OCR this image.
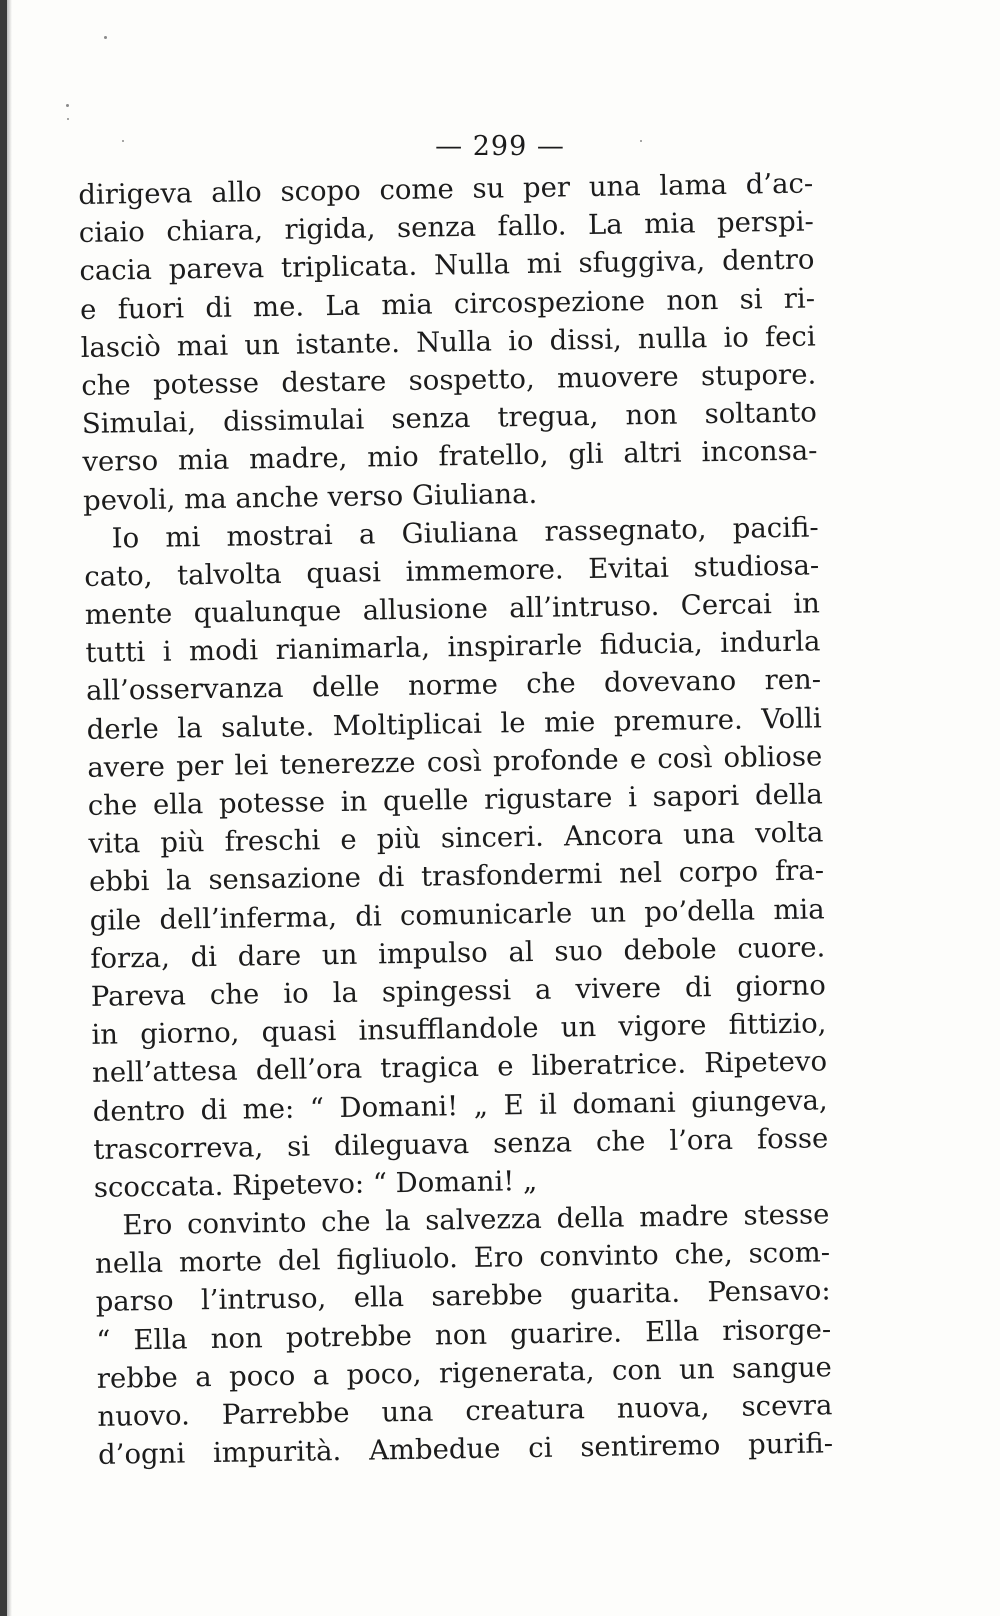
— 299 —
dirigeva allo scopo come su per una lama d’ac-
ciaio chiara, rigida, senza fallo. La mia perspi-
cacia pareva triplicata. Nulla mi sfuggiva, dentro
e fuori di me. La mia circospezione non si ri-
lasciò mai un istante. Nulla io dissi, nulla io feci
che potesse destare sospetto, muovere stupore.
Simulai, dissimulai senza tregua, non soltanto
verso mia madre, mio fratello, gli altri inconsa-
pevoli, ma anche verso Giuliana.
Io mi mostrai a Giuliana rassegnato, pacifi-
cato, talvolta quasi immemore. Evitai studiosa-
mente qualunque allusione all’intruso. Cercai in
tutti i modi rianimarla, inspirarle fiducia, indurla
all’osservanza delle norme che dovevano ren-
derle la salute. Moltiplicai le mie premure. Volli
avere per lei tenerezze così profonde e così obliose
che ella potesse in quelle rigustare i sapori della
vita più freschi e più sinceri. Ancora una volta
ebbi la sensazione di trasfondermi nel corpo fra-
gile dell’inferma, di comunicarle un po’della mia
forza, di dare un impulso al suo debole cuore.
Pareva che io la spingessi a vivere di giorno
in giorno, quasi insufflandole un vigore fittizio,
nell’attesa dell’ora tragica e liberatrice. Ripetevo
dentro di me: “ Domani! „ E il domani giungeva,
trascorreva, si dileguava senza che l’ora fosse
scoccata. Ripetevo: “ Domani! „
Ero convinto che la salvezza della madre stesse
nella morte del figliuolo. Ero convinto che, scom-
parso l’intruso, ella sarebbe guarita. Pensavo:
“ Ella non potrebbe non guarire. Ella risorge-
rebbe a poco a poco, rigenerata, con un sangue
nuovo. Parrebbe una creatura nuova, scevra
d’ogni impurità. Ambedue ci sentiremo purifi-
